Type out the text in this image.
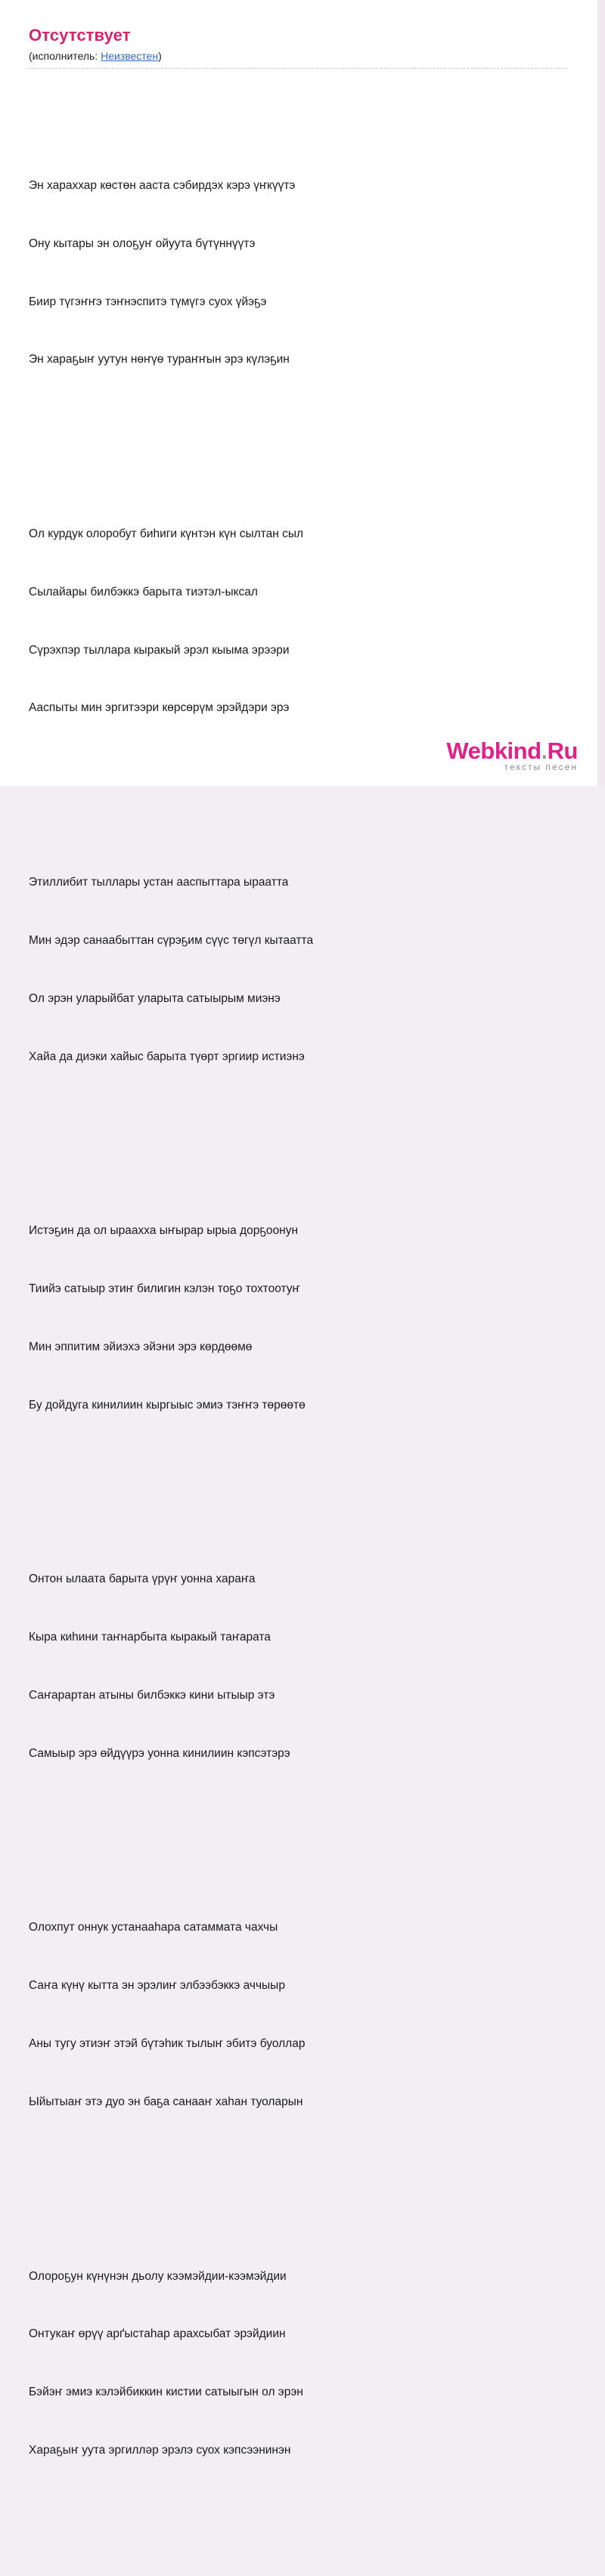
Отсутствует
(исполнитель: Неизвестен)

Эн хараххар көстөн ааста сэбирдэх кэрэ үҥкүүтэ

Ону кытары эн олоҕуҥ ойуута бүтүннүүтэ

Биир түгэҥҥэ тэҥнэспитэ түмүгэ суох үйэҕэ

Эн хараҕыҥ уутун нөҥүө тураҥҥын эрэ күлэҕин

Ол курдук олоробут биһиги күнтэн күн сылтан сыл

Сылайары билбэккэ барыта тиэтэл-ыксал

Сүрэхпэр тыллара кыракый эрэл кыыма эрээри

Ааспыты мин эргитээри көрсөрүм эрэйдэри эрэ

Этиллибит тыллары устан ааспыттара ыраатта

Мин эдэр санаабыттан сүрэҕим сүүс төгүл кытаатта

Ол эрэн уларыйбат уларыта сатыырым миэнэ

Хайа да диэки хайыс барыта түөрт эргиир истиэнэ

Истэҕин да ол ыраахха ыҥырар ырыа дорҕоонун

Тиийэ сатыыр этиҥ билигин кэлэн тоҕо тохтоотуҥ

Мин эппитим эйиэхэ эйэни эрэ көрдөөмө

Бу дойдуга кинилиин кыргыыс эмиэ тэҥҥэ төрөөтө

Онтон ылаата барыта үрүҥ уонна хараҥа

Кыра киһини таҥнарбыта кыракый таҥарата

Саҥарартан атыны билбэккэ кини ытыыр этэ

Самыыр эрэ өйдүүрэ уонна кинилиин кэпсэтэрэ

Олохпут оннук устанааһара сатаммата чахчы

Саҥа күнү кытта эн эрэлиҥ элбээбэккэ аччыыр

Аны тугу этиэҥ этэй бүтэһик тылыҥ эбитэ буоллар

Ыйытыаҥ этэ дуо эн баҕа санааҥ хаһан туоларын

Олороҕун күнүнэн дьолу кээмэйдии-кээмэйдии

Онтукаҥ өрүү арґыстаһар арахсыбат эрэйдиин

Бэйэҥ эмиэ кэлэйбиккин кистии сатыыгын ол эрэн

Хараҕыҥ уута эргилләр эрэлэ суох кэпсээнинэн

Webkind.Ru
тексты песен
